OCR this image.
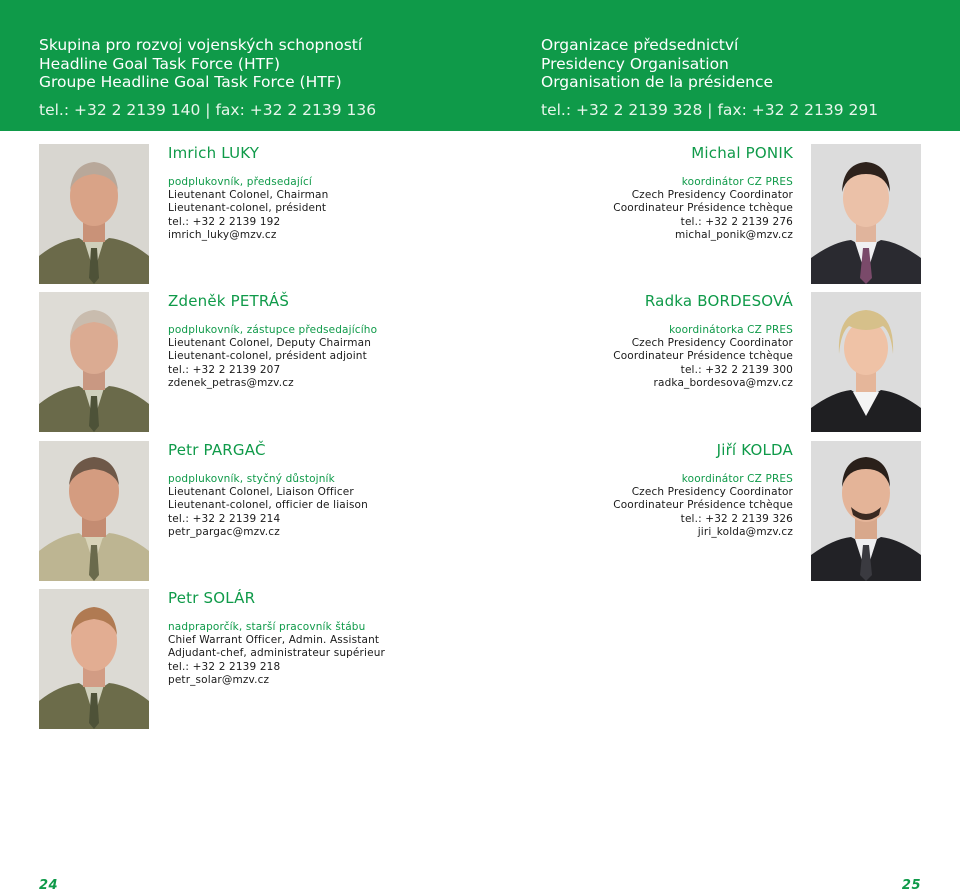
Skupina pro rozvoj vojenských schopností
Headline Goal Task Force (HTF)
Groupe Headline Goal Task Force (HTF)
tel.: +32 2 2139 140 | fax: +32 2 2139 136
Organizace předsednictví
Presidency Organisation
Organisation de la présidence
tel.: +32 2 2139 328 | fax: +32 2 2139 291
Imrich LUKY
podplukovník, předsedající
Lieutenant Colonel, Chairman
Lieutenant-colonel, président
tel.: +32 2 2139 192
imrich_luky@mzv.cz
Michal PONIK
koordinátor CZ PRES
Czech Presidency Coordinator
Coordinateur Présidence tchèque
tel.: +32 2 2139 276
michal_ponik@mzv.cz
Zdeněk PETRÁŠ
podplukovník, zástupce předsedajícího
Lieutenant Colonel, Deputy Chairman
Lieutenant-colonel, président adjoint
tel.: +32 2 2139 207
zdenek_petras@mzv.cz
Radka BORDESOVÁ
koordinátorka CZ PRES
Czech Presidency Coordinator
Coordinateur Présidence tchèque
tel.: +32 2 2139 300
radka_bordesova@mzv.cz
Petr PARGAČ
podplukovník, styčný důstojník
Lieutenant Colonel, Liaison Officer
Lieutenant-colonel, officier de liaison
tel.: +32 2 2139 214
petr_pargac@mzv.cz
Jiří KOLDA
koordinátor CZ PRES
Czech Presidency Coordinator
Coordinateur Présidence tchèque
tel.: +32 2 2139 326
jiri_kolda@mzv.cz
Petr SOLÁR
nadpraporčík, starší pracovník štábu
Chief Warrant Officer, Admin. Assistant
Adjudant-chef, administrateur supérieur
tel.: +32 2 2139 218
petr_solar@mzv.cz
24	25
